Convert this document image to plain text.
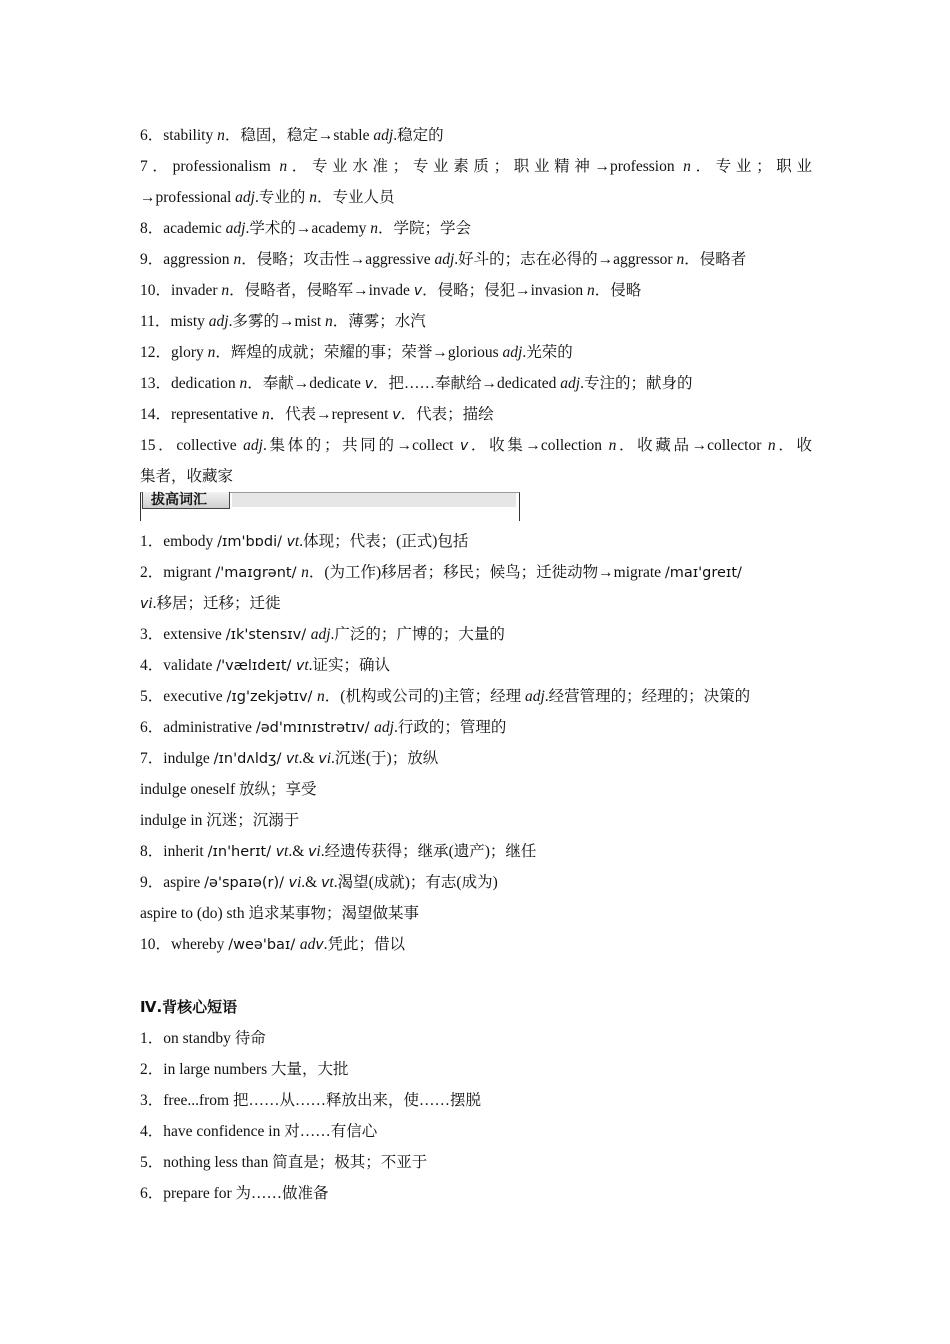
6．stability n．稳固，稳定→stable adj.稳定的
7．professionalism n．专业水准；专业素质；职业精神→profession n．专业；职业
→professional adj.专业的 n．专业人员
8．academic adj.学术的→academy n．学院；学会
9．aggression n．侵略；攻击性→aggressive adj.好斗的；志在必得的→aggressor n．侵略者
10．invader n．侵略者，侵略军→invade v．侵略；侵犯→invasion n．侵略
11．misty adj.多雾的→mist n．薄雾；水汽
12．glory n．辉煌的成就；荣耀的事；荣誉→glorious adj.光荣的
13．dedication n．奉献→dedicate v．把……奉献给→dedicated adj.专注的；献身的
14．representative n．代表→represent v．代表；描绘
15．collective adj.集体的；共同的→collect v．收集→collection n．收藏品→collector n．收
集者，收藏家
拔高词汇
1．embody /ɪm'bɒdi/ vt.体现；代表；(正式)包括
2．migrant /'maɪgrənt/ n．(为工作)移居者；移民；候鸟；迁徙动物→migrate /maɪ'greɪt/
vi.移居；迁移；迁徙
3．extensive /ɪk'stensɪv/ adj.广泛的；广博的；大量的
4．validate /'vælɪdeɪt/ vt.证实；确认
5．executive /ɪg'zekjətɪv/ n．(机构或公司的)主管；经理 adj.经营管理的；经理的；决策的
6．administrative /əd'mɪnɪstrətɪv/ adj.行政的；管理的
7．indulge /ɪn'dʌldʒ/ vt.& vi.沉迷(于)；放纵
indulge oneself 放纵；享受
indulge in 沉迷；沉溺于
8．inherit /ɪn'herɪt/ vt.& vi.经遗传获得；继承(遗产)；继任
9．aspire /ə'spaɪə(r)/ vi.& vt.渴望(成就)；有志(成为)
aspire to (do) sth 追求某事物；渴望做某事
10．whereby /weə'baɪ/ adv.凭此；借以
Ⅳ.背核心短语
1．on standby 待命
2．in large numbers 大量，大批
3．free...from 把……从……释放出来，使……摆脱
4．have confidence in 对……有信心
5．nothing less than 简直是；极其；不亚于
6．prepare for 为……做准备
